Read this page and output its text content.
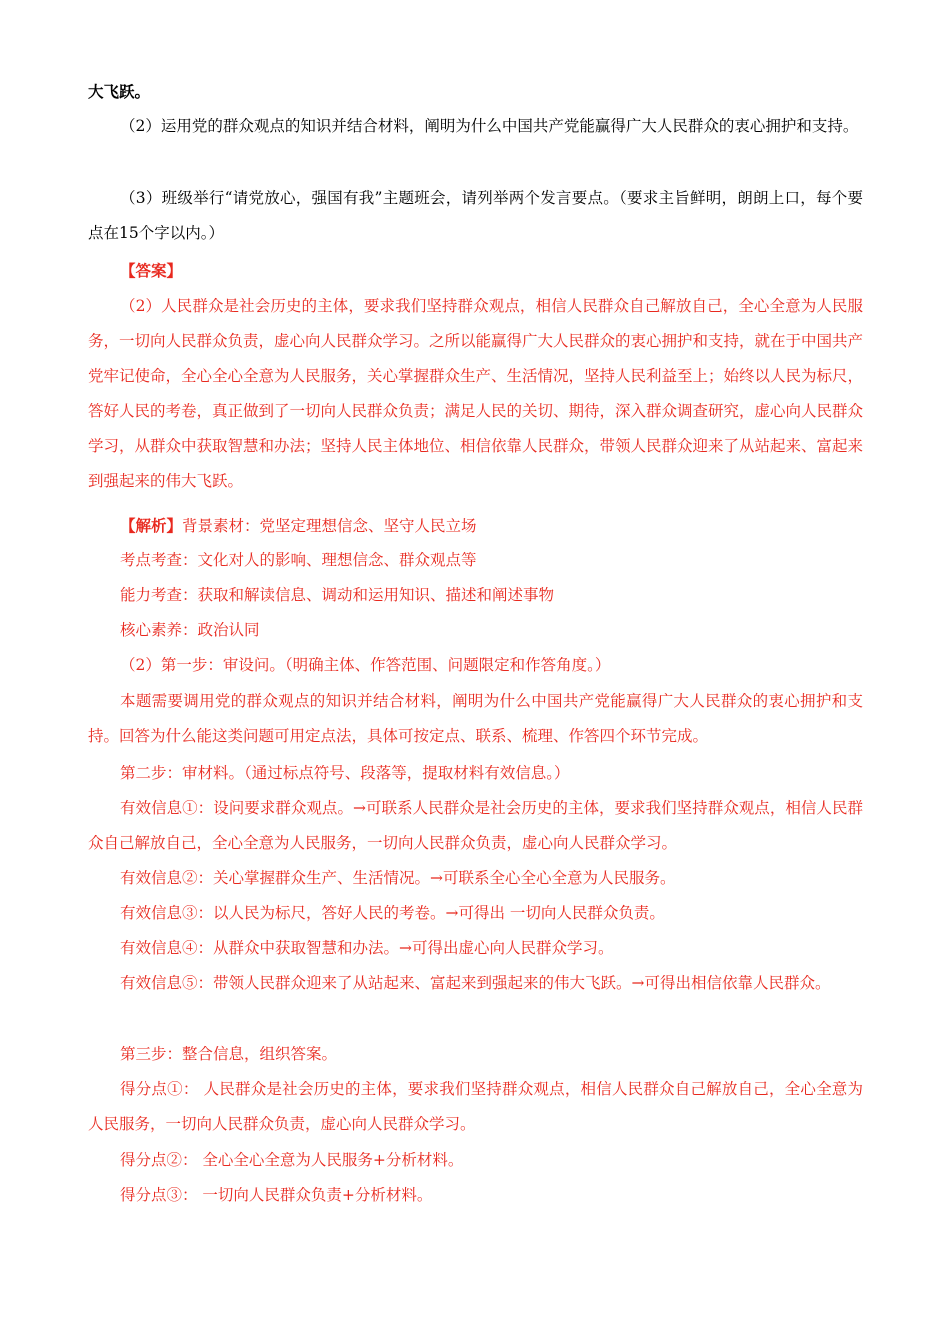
大飞跃。

（2）运用党的群众观点的知识并结合材料，阐明为什么中国共产党能赢得广大人民群众的衷心拥护和支持。

（3）班级举行“请党放心，强国有我”主题班会，请列举两个发言要点。（要求主旨鲜明，朗朗上口，每个要点在15个字以内。）

【答案】

（2）人民群众是社会历史的主体，要求我们坚持群众观点，相信人民群众自己解放自己，全心全意为人民服务，一切向人民群众负责，虚心向人民群众学习。之所以能赢得广大人民群众的衷心拥护和支持，就在于中国共产党牢记使命，全心全心全意为人民服务，关心掌握群众生产、生活情况，坚持人民利益至上；始终以人民为标尺，答好人民的考卷，真正做到了一切向人民群众负责；满足人民的关切、期待，深入群众调查研究，虚心向人民群众学习，从群众中获取智慧和办法；坚持人民主体地位、相信依靠人民群众，带领人民群众迎来了从站起来、富起来到强起来的伟大飞跃。

【解析】背景素材：党坚定理想信念、坚守人民立场

考点考查：文化对人的影响、理想信念、群众观点等

能力考查：获取和解读信息、调动和运用知识、描述和阐述事物

核心素养：政治认同

（2）第一步：审设问。（明确主体、作答范围、问题限定和作答角度。）

本题需要调用党的群众观点的知识并结合材料，阐明为什么中国共产党能赢得广大人民群众的衷心拥护和支持。回答为什么能这类问题可用定点法，具体可按定点、联系、梳理、作答四个环节完成。

第二步：审材料。（通过标点符号、段落等，提取材料有效信息。）

有效信息①：设问要求群众观点。→可联系人民群众是社会历史的主体，要求我们坚持群众观点，相信人民群众自己解放自己，全心全意为人民服务，一切向人民群众负责，虚心向人民群众学习。

有效信息②：关心掌握群众生产、生活情况。→可联系全心全心全意为人民服务。

有效信息③：以人民为标尺，答好人民的考卷。→可得出 一切向人民群众负责。

有效信息④：从群众中获取智慧和办法。→可得出虚心向人民群众学习。

有效信息⑤：带领人民群众迎来了从站起来、富起来到强起来的伟大飞跃。→可得出相信依靠人民群众。

第三步：整合信息，组织答案。

得分点①： 人民群众是社会历史的主体，要求我们坚持群众观点，相信人民群众自己解放自己，全心全意为人民服务，一切向人民群众负责，虚心向人民群众学习。

得分点②： 全心全心全意为人民服务+分析材料。

得分点③： 一切向人民群众负责+分析材料。
